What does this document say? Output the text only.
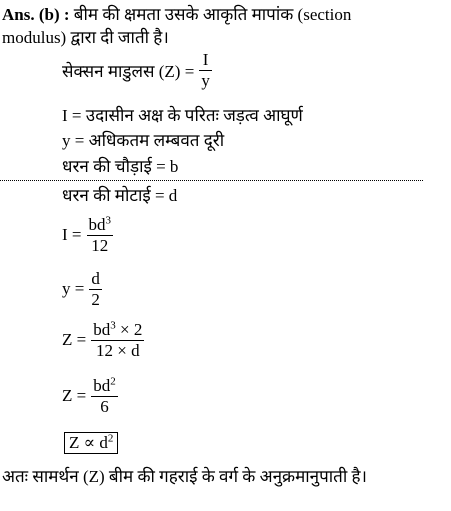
Ans. (b) : बीम की क्षमता उसके आकृति मापांक (section
modulus) द्वारा दी जाती है।
सेक्सन माडुलस $(Z) = \frac{I}{y}$
I = उदासीन अक्ष के परितः जड़त्व आघूर्ण
y = अधिकतम लम्बवत दूरी
धरन की चौड़ाई = b
धरन की मोटाई = d
$I = \frac{bd^3}{12}$
$y = \frac{d}{2}$
$Z = \frac{bd^3 \times 2}{12 \times d}$
$Z = \frac{bd^2}{6}$
$Z \propto d^2$
अतः सामर्थन (Z) बीम की गहराई के वर्ग के अनुक्रमानुपाती है।
